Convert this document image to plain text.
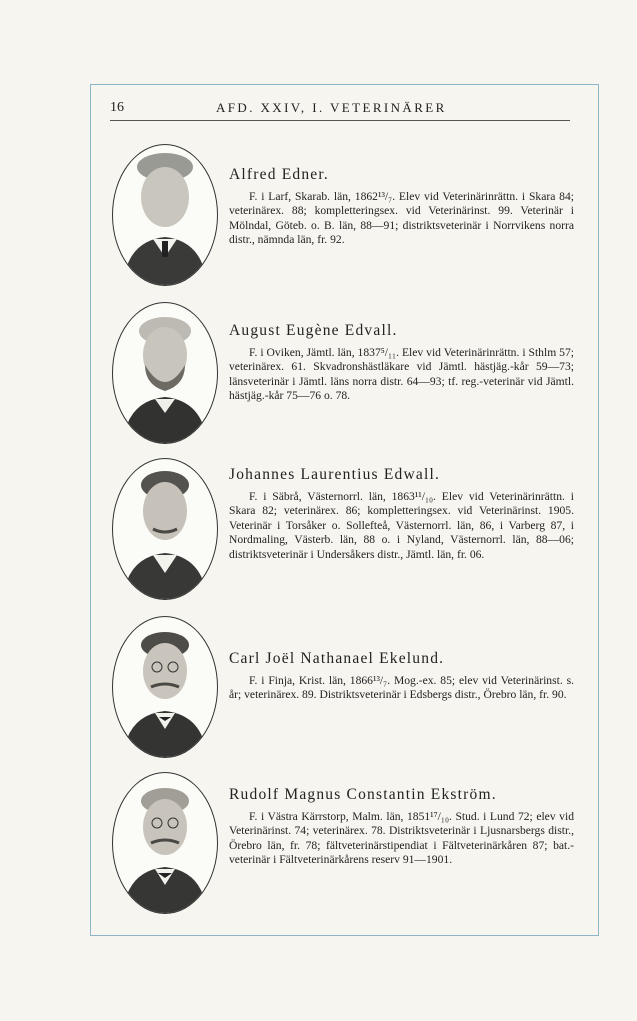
16	AFD. XXIV, I. VETERINÄRER

Alfred Edner.

F. i Larf, Skarab. län, 1862¹³/₇. Elev vid Veterinärinrättn. i Skara 84; veterinärex. 88; kompletteringsex. vid Veterinärinst. 99. Veterinär i Mölndal, Göteb. o. B. län, 88—91; distriktsveterinär i Norrvikens norra distr., nämnda län, fr. 92.

August Eugène Edvall.

F. i Oviken, Jämtl. län, 1837⁵/₁₁. Elev vid Veterinärinrättn. i Sthlm 57; veterinärex. 61. Skvadronshästläkare vid Jämtl. hästjäg.-kår 59—73; länsveterinär i Jämtl. läns norra distr. 64—93; tf. reg.-veterinär vid Jämtl. hästjäg.-kår 75—76 o. 78.

Johannes Laurentius Edwall.

F. i Säbrå, Västernorrl. län, 1863¹¹/₁₀. Elev vid Veterinärinrättn. i Skara 82; veterinärex. 86; kompletteringsex. vid Veterinärinst. 1905. Veterinär i Torsåker o. Sollefteå, Västernorrl. län, 86, i Varberg 87, i Nordmaling, Västerb. län, 88 o. i Nyland, Västernorrl. län, 88—06; distriktsveterinär i Undersåkers distr., Jämtl. län, fr. 06.

Carl Joël Nathanael Ekelund.

F. i Finja, Krist. län, 1866¹³/₇. Mog.-ex. 85; elev vid Veterinärinst. s. år; veterinärex. 89. Distriktsveterinär i Edsbergs distr., Örebro län, fr. 90.

Rudolf Magnus Constantin Ekström.

F. i Västra Kärrstorp, Malm. län, 1851¹⁷/₁₀. Stud. i Lund 72; elev vid Veterinärinst. 74; veterinärex. 78. Distriktsveterinär i Ljusnarsbergs distr., Örebro län, fr. 78; fältveterinärstipendiat i Fältveterinärkåren 87; bat.-veterinär i Fältveterinärkårens reserv 91—1901.
